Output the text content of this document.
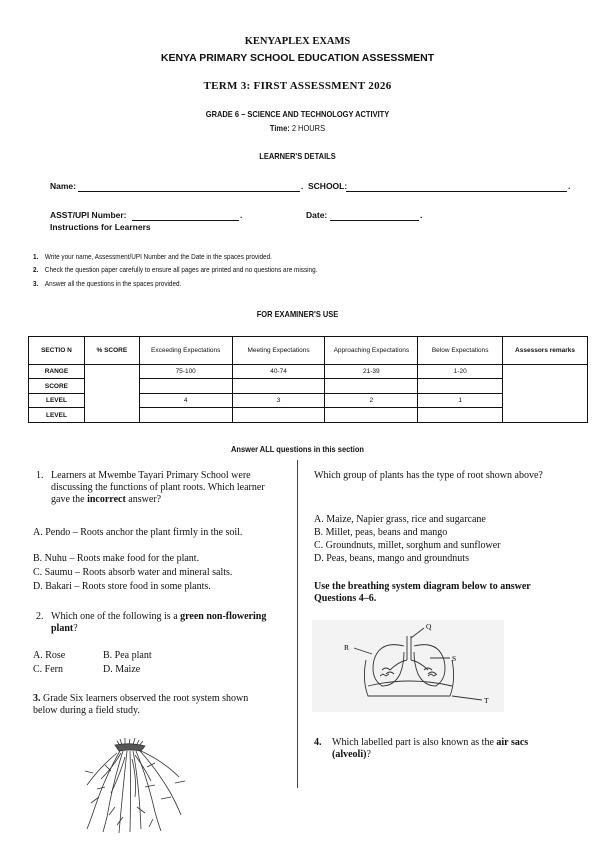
KENYAPLEX EXAMS
KENYA PRIMARY SCHOOL EDUCATION ASSESSMENT
TERM 3: FIRST ASSESSMENT 2026
GRADE 6 – SCIENCE AND TECHNOLOGY ACTIVITY
Time: 2 HOURS
LEARNER'S DETAILS
Name:	. SCHOOL:	.
ASST/UPI Number:	.	Date:	.
Instructions for Learners
1. Write your name, Assessment/UPI Number and the Date in the spaces provided.
2. Check the question paper carefully to ensure all pages are printed and no questions are missing.
3. Answer all the questions in the spaces provided.
FOR EXAMINER'S USE
SECTIO N	% SCORE	Exceeding Expectations	Meeting Expectations	Approaching Expectations	Below Expectations	Assessors remarks
RANGE		75-100	40-74	21-39	1-20	
SCORE						
LEVEL		4	3	2	1	
LEVEL						
Answer ALL questions in this section
1. Learners at Mwembe Tayari Primary School were discussing the functions of plant roots. Which learner gave the incorrect answer?
A. Pendo – Roots anchor the plant firmly in the soil.
B. Nuhu – Roots make food for the plant.
C. Saumu – Roots absorb water and mineral salts.
D. Bakari – Roots store food in some plants.
2. Which one of the following is a green non-flowering plant?
A. Rose	B. Pea plant
C. Fern	D. Maize
3. Grade Six learners observed the root system shown below during a field study.
Which group of plants has the type of root shown above?
A. Maize, Napier grass, rice and sugarcane
B. Millet, peas, beans and mango
C. Groundnuts, millet, sorghum and sunflower
D. Peas, beans, mango and groundnuts
Use the breathing system diagram below to answer Questions 4–6.
Q
R
S
T
4. Which labelled part is also known as the air sacs (alveoli)?
